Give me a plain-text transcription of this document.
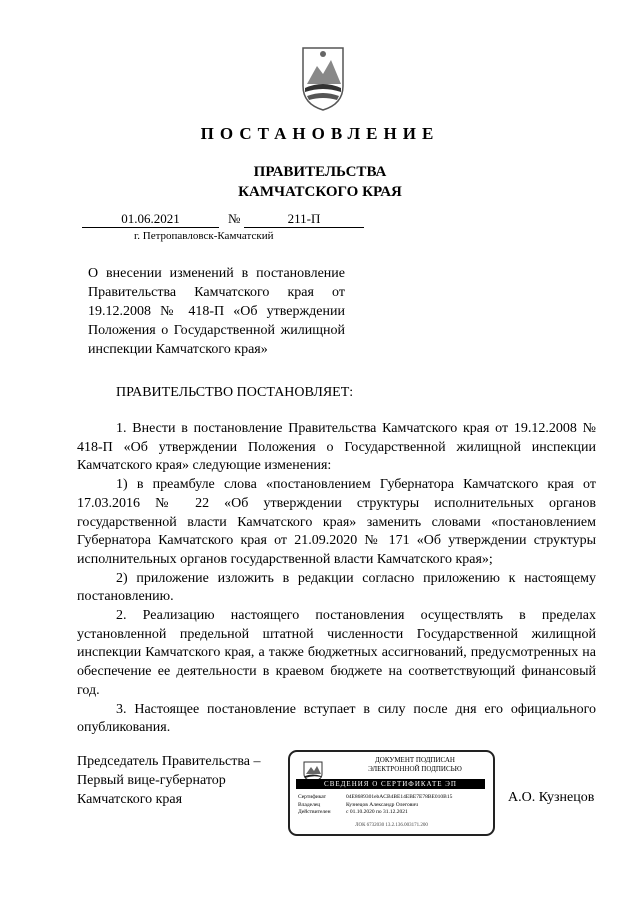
ПОСТАНОВЛЕНИЕ
ПРАВИТЕЛЬСТВА
КАМЧАТСКОГО КРАЯ
01.06.2021	№	211-П
г. Петропавловск-Камчатский
О внесении изменений в постановление Правительства Камчатского края от 19.12.2008 № 418-П «Об утверждении Положения о Государственной жилищной инспекции Камчатского края»
ПРАВИТЕЛЬСТВО ПОСТАНОВЛЯЕТ:

1. Внести в постановление Правительства Камчатского края от 19.12.2008 № 418-П «Об утверждении Положения о Государственной жилищной инспекции Камчатского края» следующие изменения:

1) в преамбуле слова «постановлением Губернатора Камчатского края от 17.03.2016 № 22 «Об утверждении структуры исполнительных органов государственной власти Камчатского края» заменить словами «постановлением Губернатора Камчатского края от 21.09.2020 № 171 «Об утверждении структуры исполнительных органов государственной власти Камчатского края»;

2) приложение изложить в редакции согласно приложению к настоящему постановлению.

2. Реализацию настоящего постановления осуществлять в пределах установленной предельной штатной численности Государственной жилищной инспекции Камчатского края, а также бюджетных ассигнований, предусмотренных на обеспечение ее деятельности в краевом бюджете на соответствующий финансовый год.

3. Настоящее постановление вступает в силу после дня его официального опубликования.

Председатель Правительства –
Первый вице-губернатор
Камчатского края
ДОКУМЕНТ ПОДПИСАН
ЭЛЕКТРОННОЙ ПОДПИСЬЮ
СВЕДЕНИЯ О СЕРТИФИКАТЕ ЭП
Сертификат	04E8689301ebACB4BE14EBE7E78BE010B15
Владелец	Кузнецов Александр Олегович
Действителен	с 01.10.2020 по 31.12.2021
ЛОК 6732030 13.2.136.003171.200
А.О. Кузнецов
